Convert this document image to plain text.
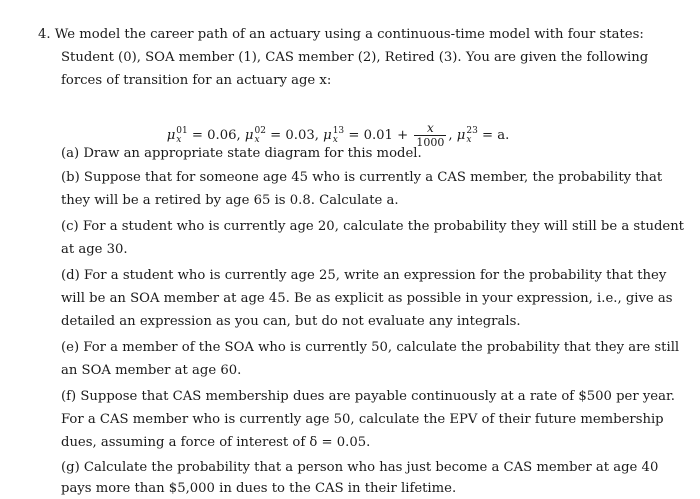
4. We model the career path of an actuary using a continuous-time model with four states:
Student (0), SOA member (1), CAS member (2), Retired (3). You are given the following
forces of transition for an actuary age x:
μ 01
x = 0.06, μ 02
x = 0.03, μ 13
$x = 0.01 + \frac{x}{1000}$ , μ 23
x = a.
(a) Draw an appropriate state diagram for this model.
(b) Suppose that for someone age 45 who is currently a CAS member, the probability that
they will be a retired by age 65 is 0.8. Calculate a.
(c) For a student who is currently age 20, calculate the probability they will still be a student
at age 30.
(d) For a student who is currently age 25, write an expression for the probability that they
will be an SOA member at age 45. Be as explicit as possible in your expression, i.e., give as
detailed an expression as you can, but do not evaluate any integrals.
(e) For a member of the SOA who is currently 50, calculate the probability that they are still
an SOA member at age 60.
(f) Suppose that CAS membership dues are payable continuously at a rate of $500 per year.
For a CAS member who is currently age 50, calculate the EPV of their future membership
dues, assuming a force of interest of δ = 0.05.
(g) Calculate the probability that a person who has just become a CAS member at age 40
pays more than $5,000 in dues to the CAS in their lifetime.
